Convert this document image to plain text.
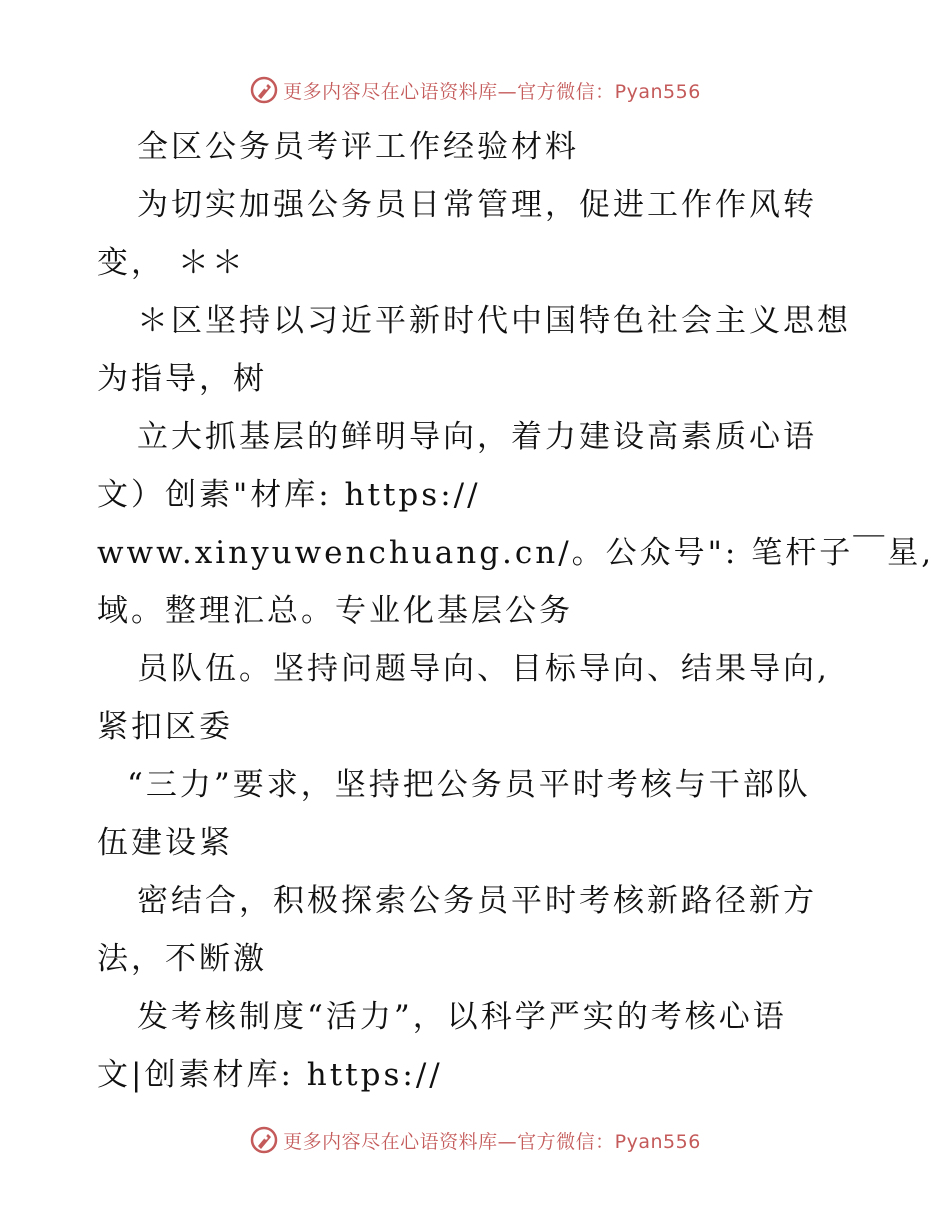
更多内容尽在心语资料库—官方微信：Pyan556
全区公务员考评工作经验材料
为切实加强公务员日常管理，促进工作作风转
变， ＊＊
＊区坚持以习近平新时代中国特色社会主义思想
为指导，树
立大抓基层的鲜明导向，着力建设高素质心语
文）创素"材库: https://
www.xinyuwenchuang.cn/。公众号": 笔杆子￣星,
域。整理汇总。专业化基层公务
员队伍。坚持问题导向、目标导向、结果导向,
紧扣区委
“三力”要求，坚持把公务员平时考核与干部队
伍建设紧
密结合，积极探索公务员平时考核新路径新方
法，不断激
发考核制度“活力”，以科学严实的考核心语
文|创素材库: https://
更多内容尽在心语资料库—官方微信：Pyan556
